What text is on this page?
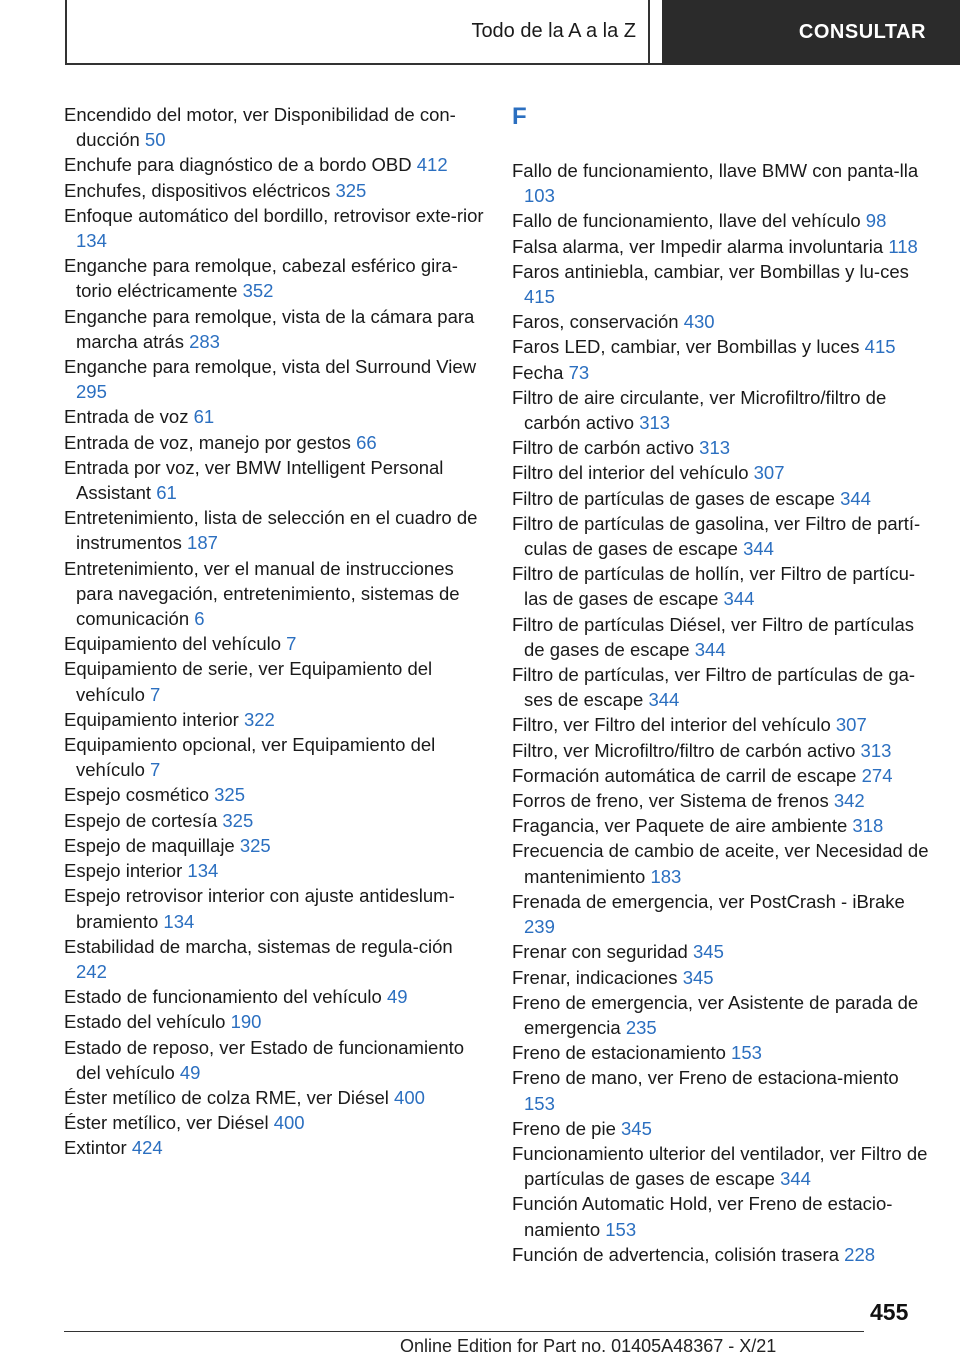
Todo de la A a la Z	CONSULTAR

Encendido del motor, ver Disponibilidad de con‐ducción 50

Enchufe para diagnóstico de a bordo OBD 412

Enchufes, dispositivos eléctricos 325

Enfoque automático del bordillo, retrovisor exte‐rior 134

Enganche para remolque, cabezal esférico gira‐torio eléctricamente 352

Enganche para remolque, vista de la cámara para marcha atrás 283

Enganche para remolque, vista del Surround View 295

Entrada de voz 61

Entrada de voz, manejo por gestos 66

Entrada por voz, ver BMW Intelligent Personal Assistant 61

Entretenimiento, lista de selección en el cuadro de instrumentos 187

Entretenimiento, ver el manual de instrucciones para navegación, entretenimiento, sistemas de comunicación 6

Equipamiento del vehículo 7

Equipamiento de serie, ver Equipamiento del vehículo 7

Equipamiento interior 322

Equipamiento opcional, ver Equipamiento del vehículo 7

Espejo cosmético 325

Espejo de cortesía 325

Espejo de maquillaje 325

Espejo interior 134

Espejo retrovisor interior con ajuste antideslum‐bramiento 134

Estabilidad de marcha, sistemas de regula‐ción 242

Estado de funcionamiento del vehículo 49

Estado del vehículo 190

Estado de reposo, ver Estado de funcionamiento del vehículo 49

Éster metílico de colza RME, ver Diésel 400

Éster metílico, ver Diésel 400

Extintor 424

F

Fallo de funcionamiento, llave BMW con panta‐lla 103

Fallo de funcionamiento, llave del vehículo 98

Falsa alarma, ver Impedir alarma involuntaria 118

Faros antiniebla, cambiar, ver Bombillas y lu‐ces 415

Faros, conservación 430

Faros LED, cambiar, ver Bombillas y luces 415

Fecha 73

Filtro de aire circulante, ver Microfiltro/filtro de carbón activo 313

Filtro de carbón activo 313

Filtro del interior del vehículo 307

Filtro de partículas de gases de escape 344

Filtro de partículas de gasolina, ver Filtro de partí‐culas de gases de escape 344

Filtro de partículas de hollín, ver Filtro de partícu‐las de gases de escape 344

Filtro de partículas Diésel, ver Filtro de partículas de gases de escape 344

Filtro de partículas, ver Filtro de partículas de ga‐ses de escape 344

Filtro, ver Filtro del interior del vehículo 307

Filtro, ver Microfiltro/filtro de carbón activo 313

Formación automática de carril de escape 274

Forros de freno, ver Sistema de frenos 342

Fragancia, ver Paquete de aire ambiente 318

Frecuencia de cambio de aceite, ver Necesidad de mantenimiento 183

Frenada de emergencia, ver PostCrash - iBrake 239

Frenar con seguridad 345

Frenar, indicaciones 345

Freno de emergencia, ver Asistente de parada de emergencia 235

Freno de estacionamiento 153

Freno de mano, ver Freno de estaciona‐miento 153

Freno de pie 345

Funcionamiento ulterior del ventilador, ver Filtro de partículas de gases de escape 344

Función Automatic Hold, ver Freno de estacio‐namiento 153

Función de advertencia, colisión trasera 228

455
Online Edition for Part no. 01405A48367 - X/21
